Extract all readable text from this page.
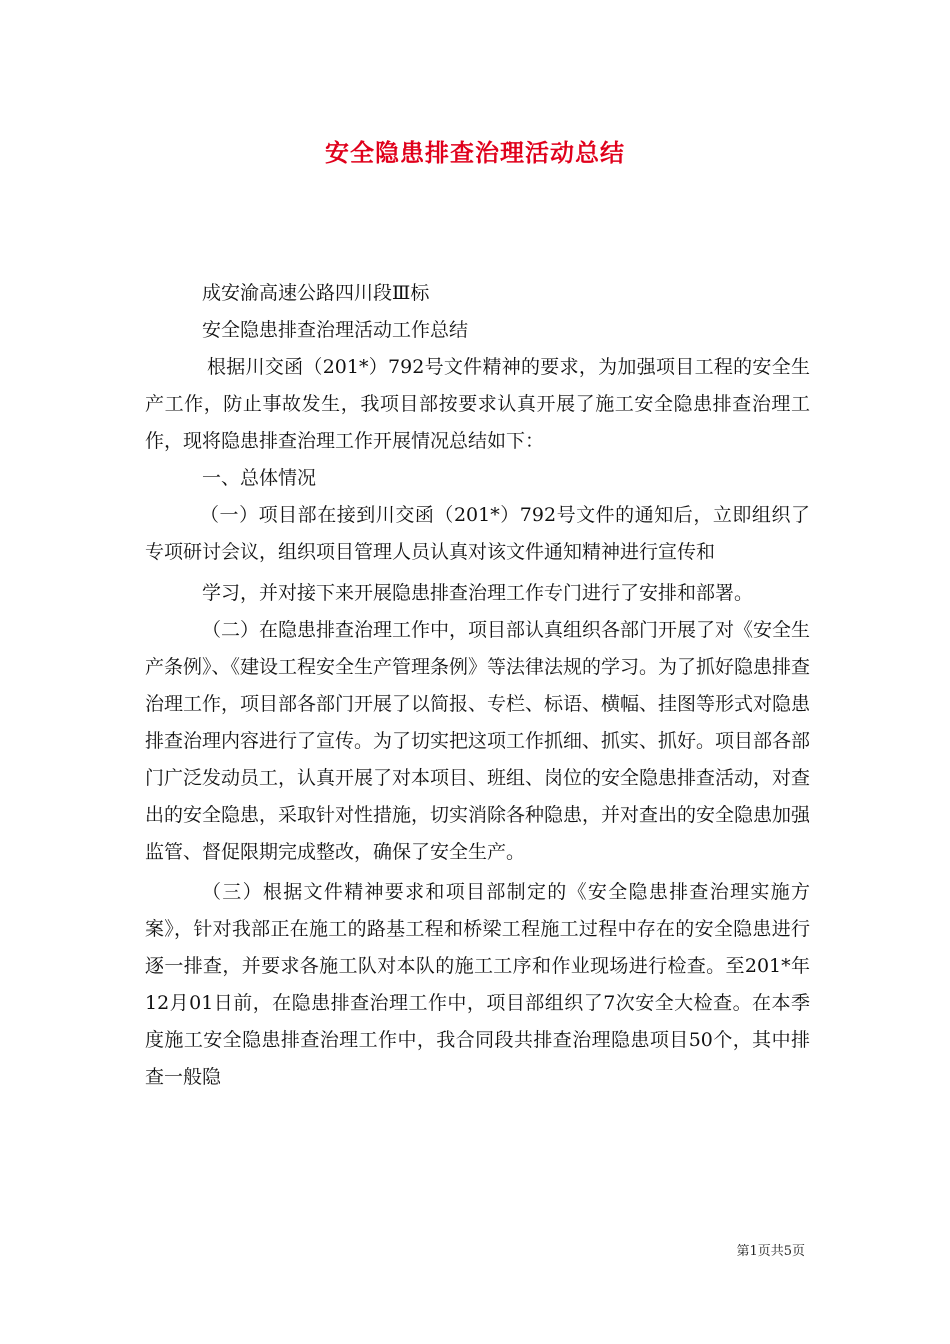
安全隐患排查治理活动总结

成安渝高速公路四川段Ⅲ标

安全隐患排查治理活动工作总结

根据川交函（201*）792号文件精神的要求，为加强项目工程的安全生产工作，防止事故发生，我项目部按要求认真开展了施工安全隐患排查治理工作，现将隐患排查治理工作开展情况总结如下：

一、总体情况

（一）项目部在接到川交函（201*）792号文件的通知后，立即组织了专项研讨会议，组织项目管理人员认真对该文件通知精神进行宣传和

学习，并对接下来开展隐患排查治理工作专门进行了安排和部署。

（二）在隐患排查治理工作中，项目部认真组织各部门开展了对《安全生产条例》、《建设工程安全生产管理条例》等法律法规的学习。为了抓好隐患排查治理工作，项目部各部门开展了以简报、专栏、标语、横幅、挂图等形式对隐患排查治理内容进行了宣传。为了切实把这项工作抓细、抓实、抓好。项目部各部门广泛发动员工，认真开展了对本项目、班组、岗位的安全隐患排查活动，对查出的安全隐患，采取针对性措施，切实消除各种隐患，并对查出的安全隐患加强监管、督促限期完成整改，确保了安全生产。

（三）根据文件精神要求和项目部制定的《安全隐患排查治理实施方案》，针对我部正在施工的路基工程和桥梁工程施工过程中存在的安全隐患进行逐一排查，并要求各施工队对本队的施工工序和作业现场进行检查。至201*年12月01日前，在隐患排查治理工作中，项目部组织了7次安全大检查。在本季度施工安全隐患排查治理工作中，我合同段共排查治理隐患项目50个，其中排查一般隐

第1页共5页
